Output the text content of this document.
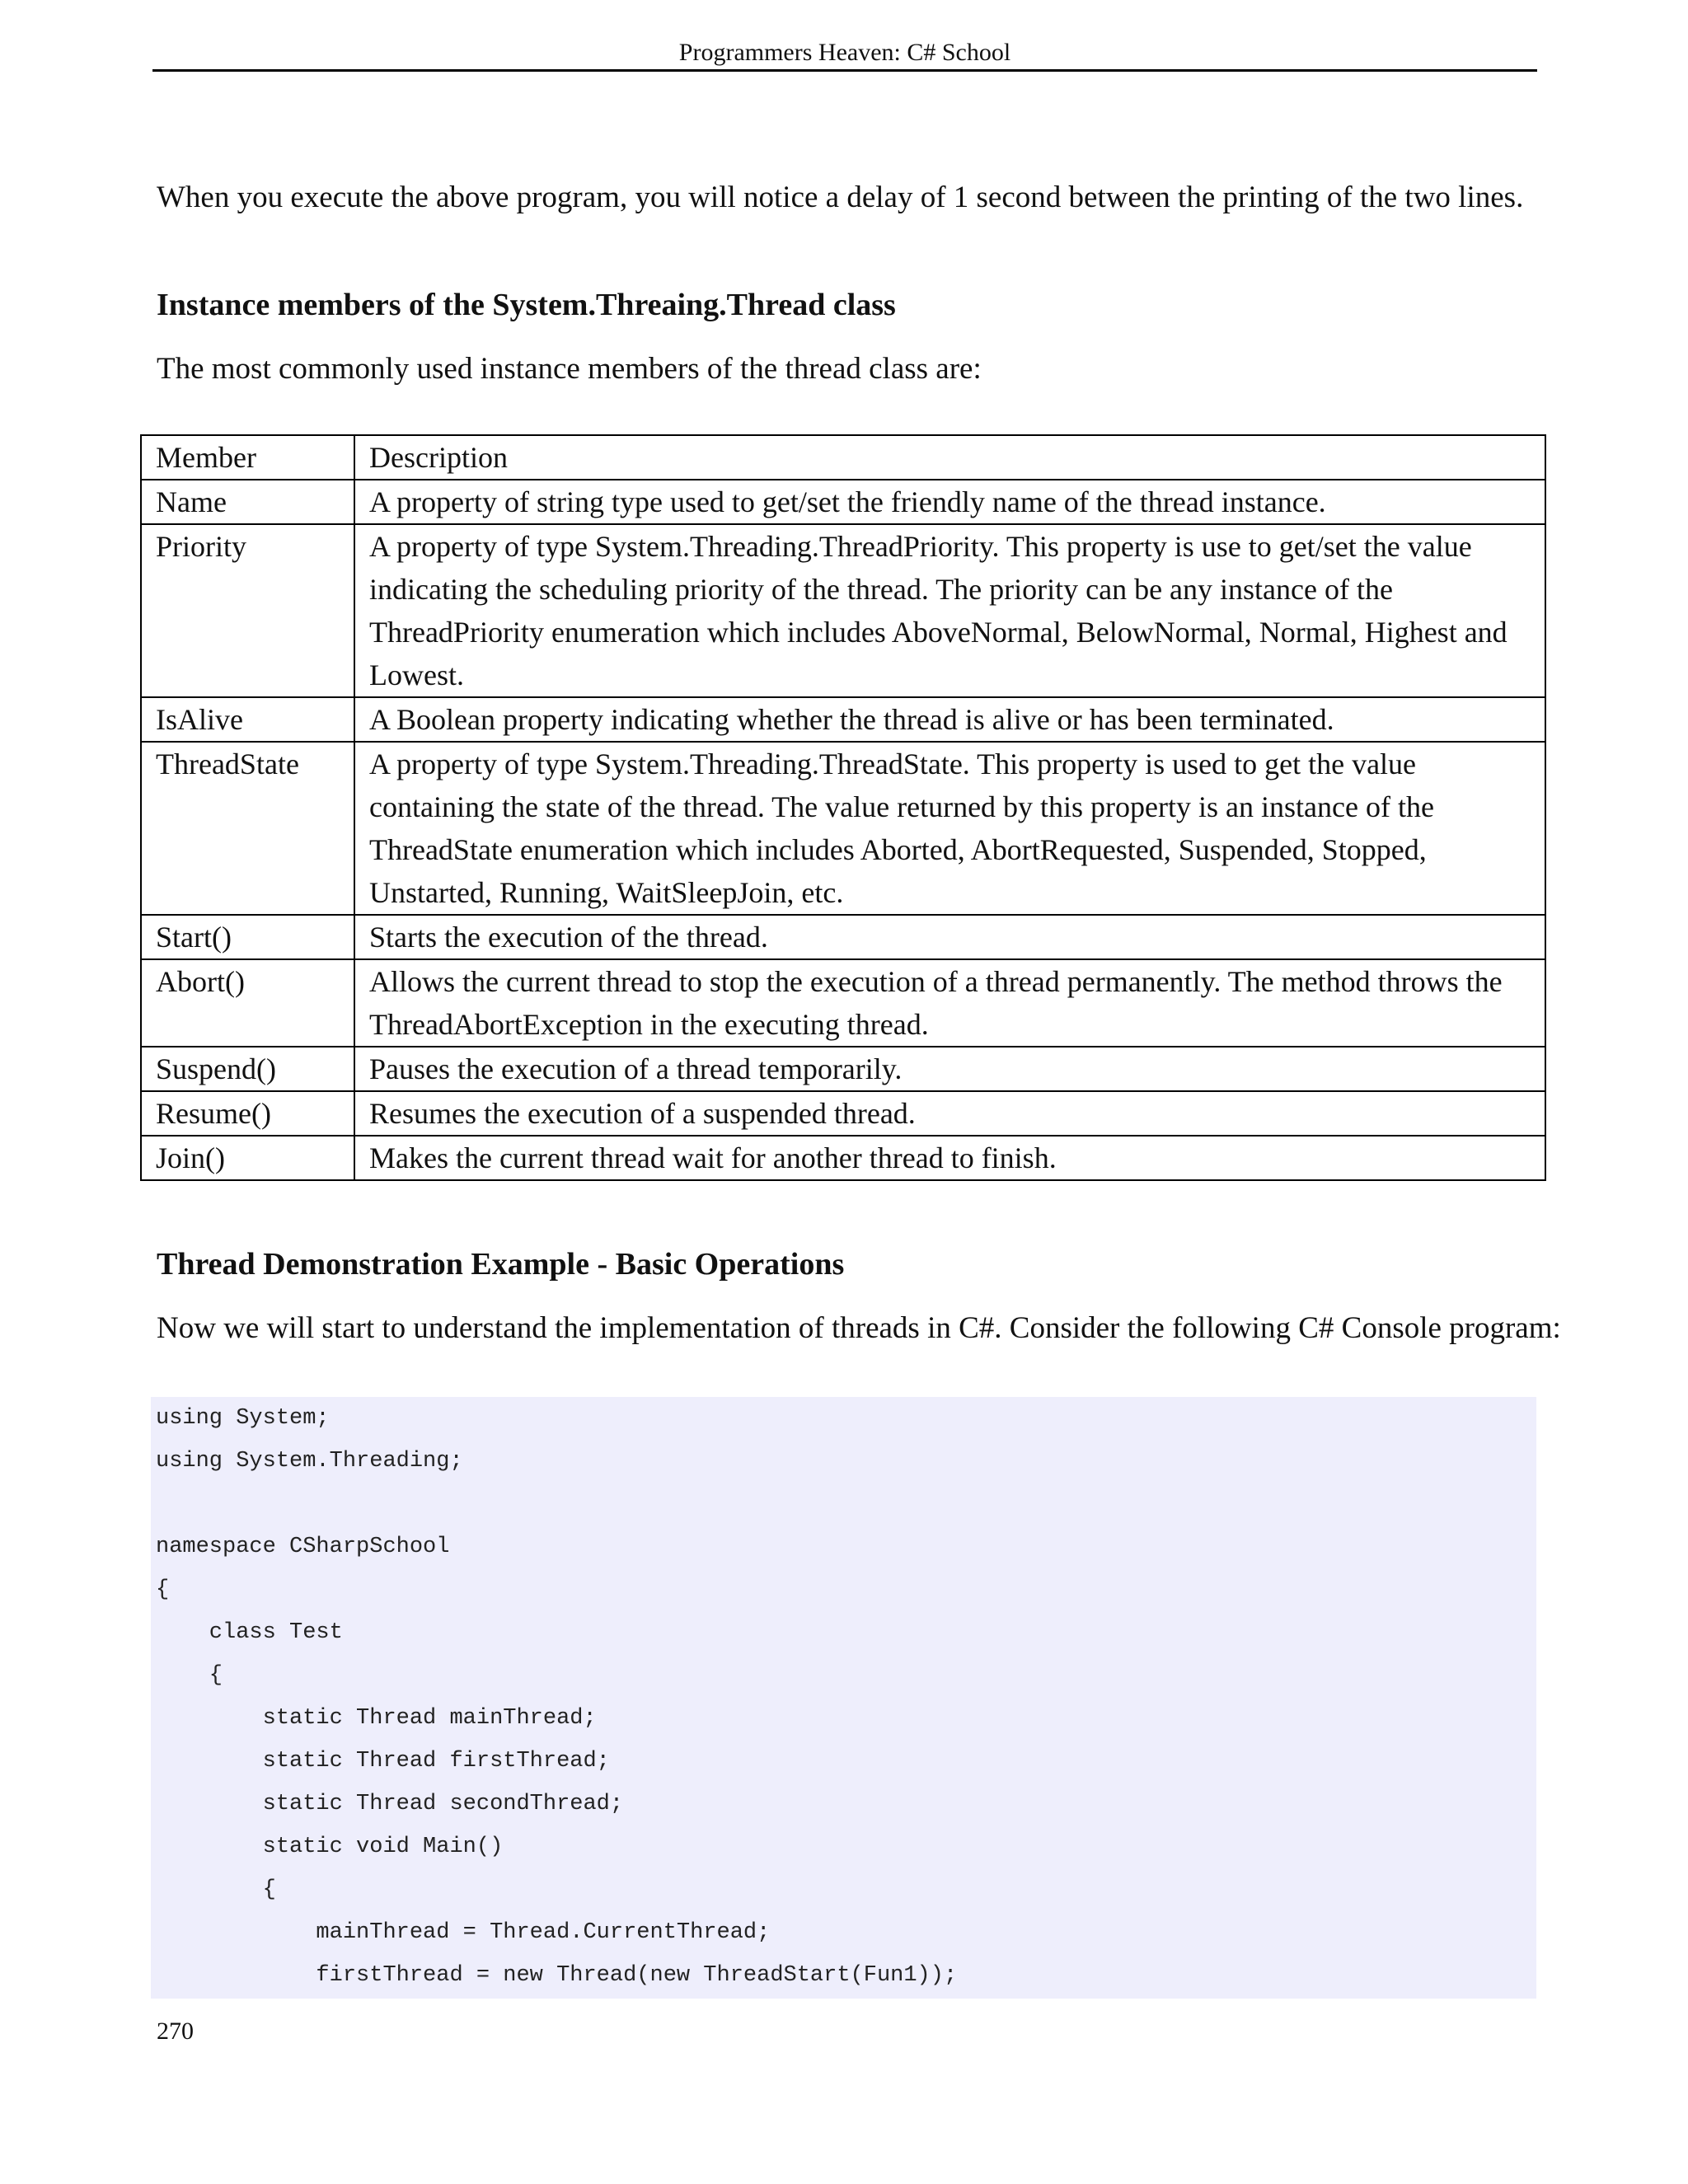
Programmers Heaven: C# School

When you execute the above program, you will notice a delay of 1 second between the printing of the two lines.

Instance members of the System.Threaing.Thread class

The most commonly used instance members of the thread class are:

Member	Description
Name	A property of string type used to get/set the friendly name of the thread instance.
Priority	A property of type System.Threading.ThreadPriority. This property is use to get/set the value indicating the scheduling priority of the thread. The priority can be any instance of the ThreadPriority enumeration which includes AboveNormal, BelowNormal, Normal, Highest and Lowest.
IsAlive	A Boolean property indicating whether the thread is alive or has been terminated.
ThreadState	A property of type System.Threading.ThreadState. This property is used to get the value containing the state of the thread. The value returned by this property is an instance of the ThreadState enumeration which includes Aborted, AbortRequested, Suspended, Stopped, Unstarted, Running, WaitSleepJoin, etc.
Start()	Starts the execution of the thread.
Abort()	Allows the current thread to stop the execution of a thread permanently. The method throws the ThreadAbortException in the executing thread.
Suspend()	Pauses the execution of a thread temporarily.
Resume()	Resumes the execution of a suspended thread.
Join()	Makes the current thread wait for another thread to finish.
Thread Demonstration Example - Basic Operations

Now we will start to understand the implementation of threads in C#. Consider the following C# Console program:

using System;
using System.Threading;
namespace CSharpSchool
{
class Test
{
static Thread mainThread;
static Thread firstThread;
static Thread secondThread;
static void Main()
{
mainThread = Thread.CurrentThread;
firstThread = new Thread(new ThreadStart(Fun1));
270
